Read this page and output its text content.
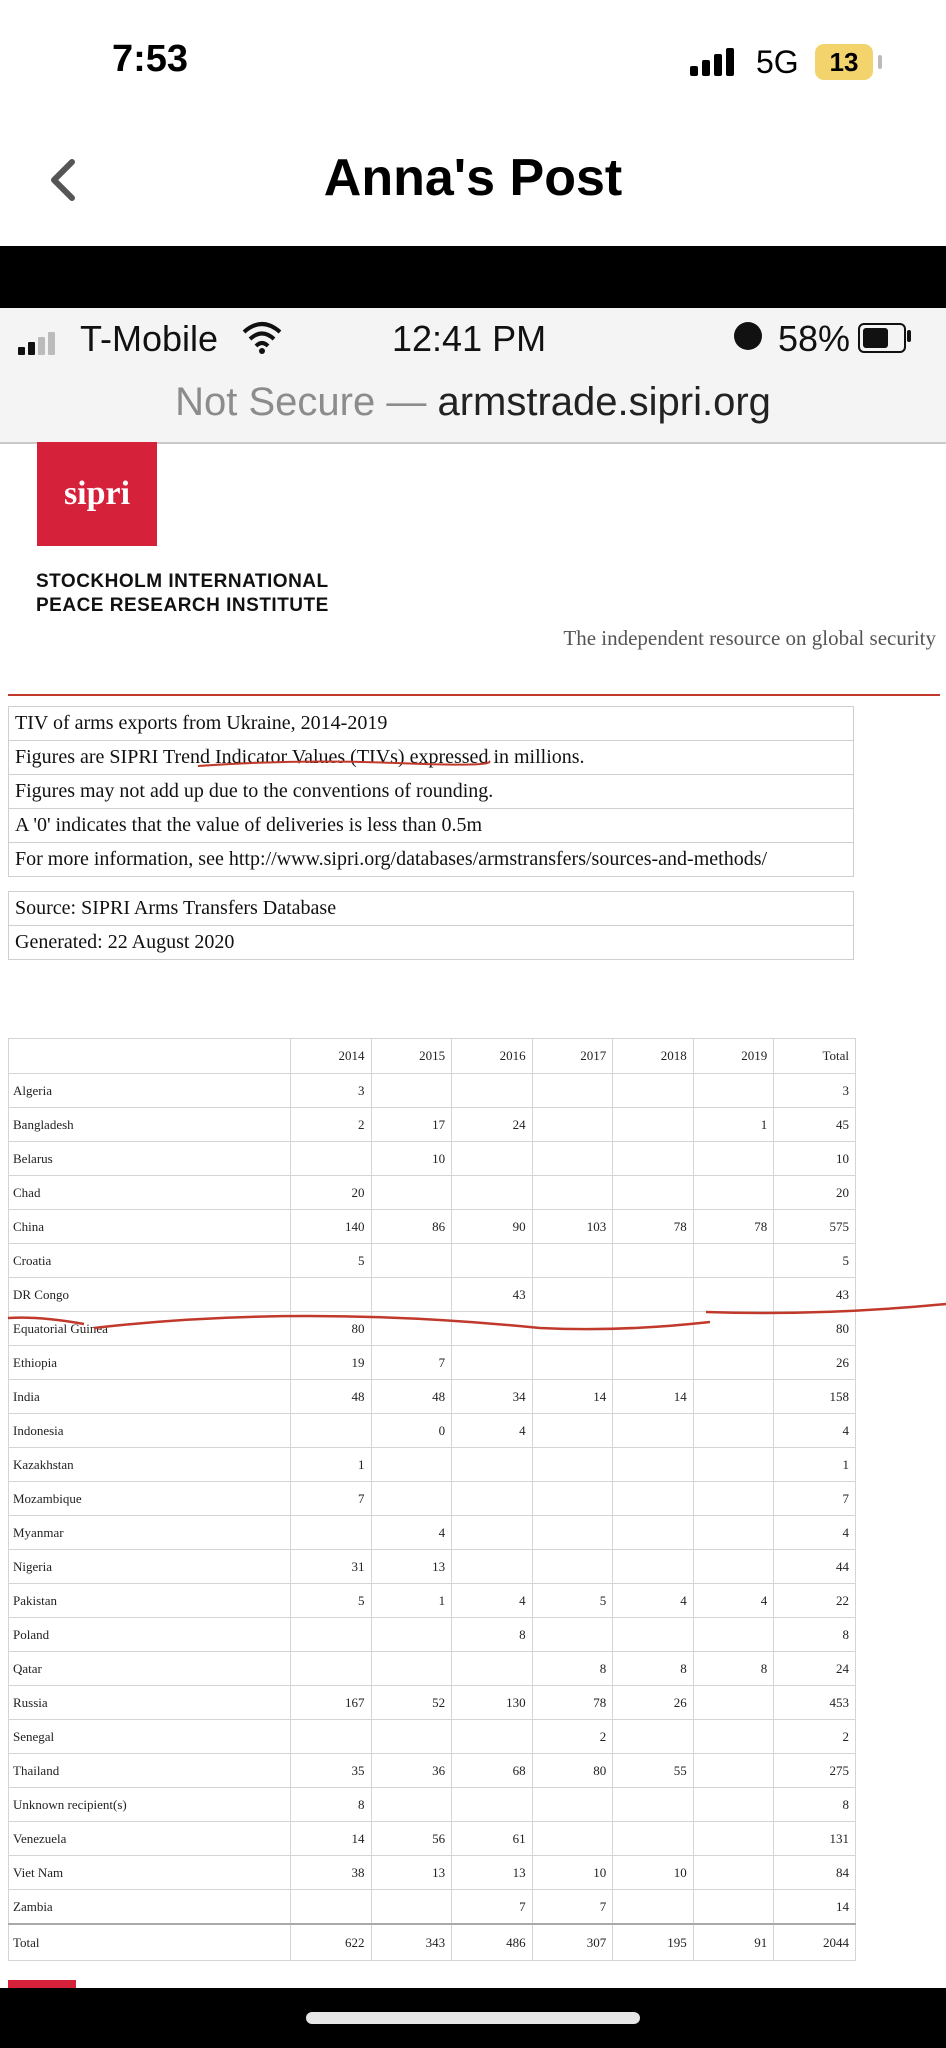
7:53	5G	13
Anna's Post
T-Mobile	12:41 PM	58%
Not Secure — armstrade.sipri.org
sipri
STOCKHOLM INTERNATIONAL
PEACE RESEARCH INSTITUTE
The independent resource on global security
TIV of arms exports from Ukraine, 2014-2019
Figures are SIPRI Trend Indicator Values (TIVs) expressed in millions.
Figures may not add up due to the conventions of rounding.
A '0' indicates that the value of deliveries is less than 0.5m
For more information, see http://www.sipri.org/databases/armstransfers/sources-and-methods/
Source: SIPRI Arms Transfers Database
Generated: 22 August 2020
	2014	2015	2016	2017	2018	2019	Total
Algeria	3						3
Bangladesh	2	17	24			1	45
Belarus		10					10
Chad	20						20
China	140	86	90	103	78	78	575
Croatia	5						5
DR Congo			43				43
Equatorial Guinea	80						80
Ethiopia	19	7					26
India	48	48	34	14	14		158
Indonesia		0	4				4
Kazakhstan	1						1
Mozambique	7						7
Myanmar		4					4
Nigeria	31	13					44
Pakistan	5	1	4	5	4	4	22
Poland			8				8
Qatar				8	8	8	24
Russia	167	52	130	78	26		453
Senegal				2			2
Thailand	35	36	68	80	55		275
Unknown recipient(s)	8						8
Venezuela	14	56	61				131
Viet Nam	38	13	13	10	10		84
Zambia			7	7			14
Total	622	343	486	307	195	91	2044
